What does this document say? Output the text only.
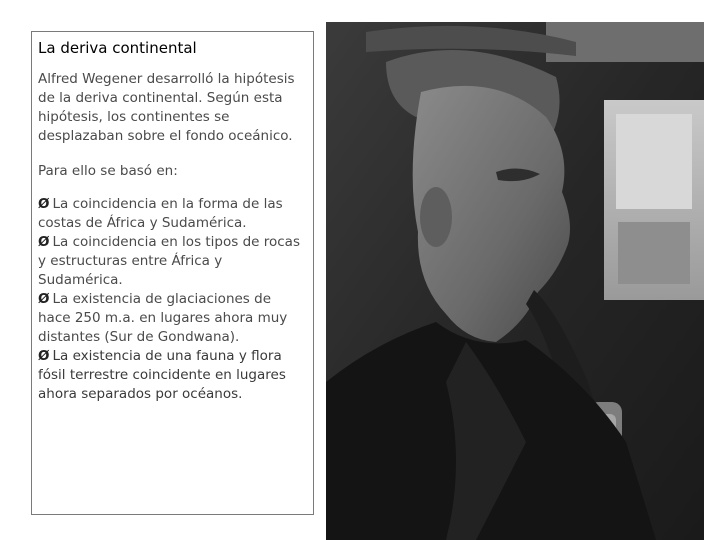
La deriva continental

Alfred Wegener desarrolló la hipótesis de la deriva continental. Según esta hipótesis, los continentes se desplazaban sobre el fondo oceánico.

Para ello se basó en:

Ø La coincidencia en la forma de las costas de África y Sudamérica.
Ø La coincidencia en los tipos de rocas y estructuras entre África y Sudamérica.
Ø La existencia de glaciaciones de hace 250 m.a. en lugares ahora muy distantes (Sur de Gondwana).
Ø La existencia de una fauna y flora fósil terrestre coincidente en lugares ahora separados por océanos.
